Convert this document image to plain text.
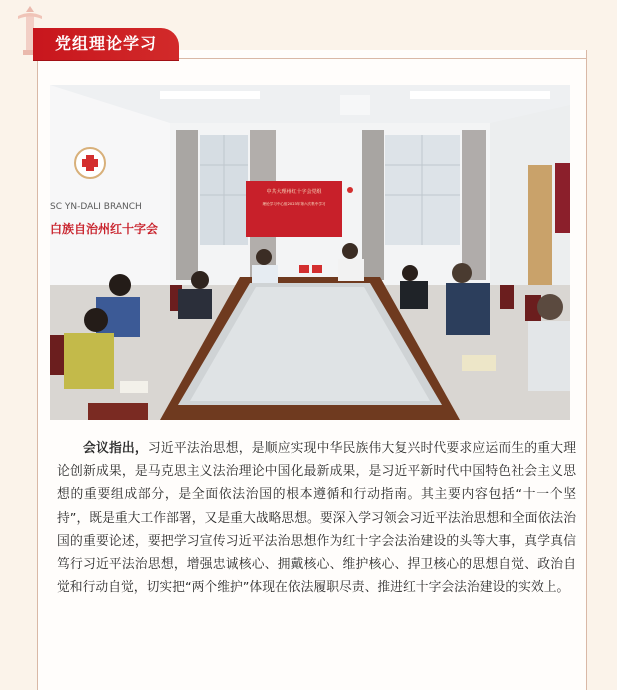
党组理论学习
中共大理州红十字会党组
理论学习中心组2023年第六次集中学习
SC YN-DALI BRANCH
白族自治州红十字会

会议指出，习近平法治思想，是顺应实现中华民族伟大复兴时代要求应运而生的重大理论创新成果，是马克思主义法治理论中国化最新成果，是习近平新时代中国特色社会主义思想的重要组成部分，是全面依法治国的根本遵循和行动指南。其主要内容包括“十一个坚持”，既是重大工作部署，又是重大战略思想。要深入学习领会习近平法治思想和全面依法治国的重要论述，要把学习宣传习近平法治思想作为红十字会法治建设的头等大事，真学真信笃行习近平法治思想，增强忠诚核心、拥戴核心、维护核心、捍卫核心的思想自觉、政治自觉和行动自觉，切实把“两个维护”体现在依法履职尽责、推进红十字会法治建设的实效上。
